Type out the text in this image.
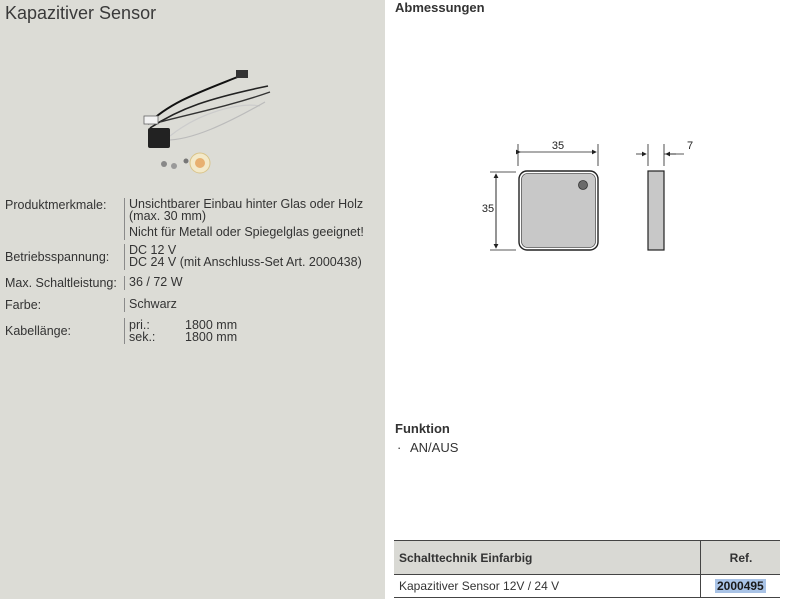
Kapazitiver Sensor
Produktmerkmale: Unsichtbarer Einbau hinter Glas oder Holz
(max. 30 mm)
Nicht für Metall oder Spiegelglas geeignet!
Betriebsspannung: DC 12 V
DC 24 V (mit Anschluss-Set Art. 2000438)
Max. Schaltleistung: 36 / 72 W
Farbe:	Schwarz
Kabellänge:	pri.:	1800 mm
sek.: 1800 mm
Abmessungen
35
35
7
Funktion
· AN/AUS
Schalttechnik Einfarbig	Ref.
Kapazitiver Sensor 12V / 24 V	2000495
